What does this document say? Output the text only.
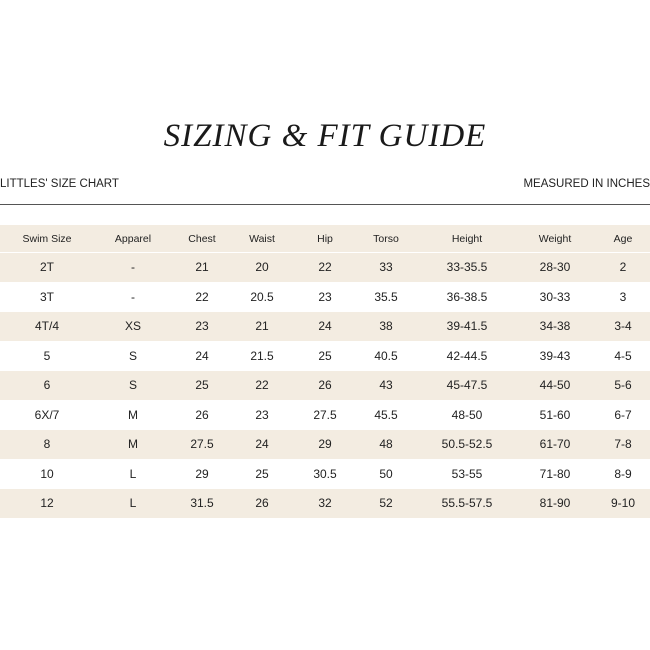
SIZING & FIT GUIDE
LITTLES' SIZE CHART	MEASURED IN INCHES
Swim Size	Apparel	Chest	Waist	Hip	Torso	Height	Weight	Age
2T	-	21	20	22	33	33-35.5	28-30	2
3T	-	22	20.5	23	35.5	36-38.5	30-33	3
4T/4	XS	23	21	24	38	39-41.5	34-38	3-4
5	S	24	21.5	25	40.5	42-44.5	39-43	4-5
6	S	25	22	26	43	45-47.5	44-50	5-6
6X/7	M	26	23	27.5	45.5	48-50	51-60	6-7
8	M	27.5	24	29	48	50.5-52.5	61-70	7-8
10	L	29	25	30.5	50	53-55	71-80	8-9
12	L	31.5	26	32	52	55.5-57.5	81-90	9-10
